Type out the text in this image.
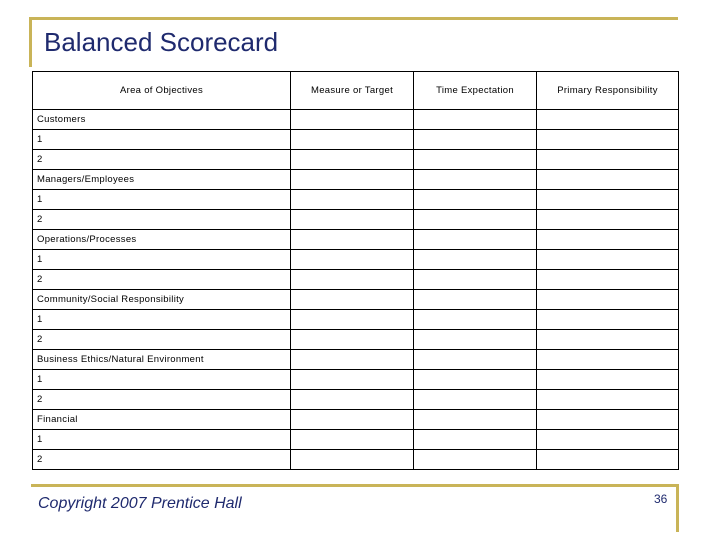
Balanced Scorecard
Area of Objectives	Measure or Target	Time Expectation	Primary Responsibility
Customers			
1			
2			
Managers/Employees			
1			
2			
Operations/Processes			
1			
2			
Community/Social Responsibility			
1			
2			
Business Ethics/Natural Environment			
1			
2			
Financial			
1			
2			
Copyright 2007 Prentice Hall	36
